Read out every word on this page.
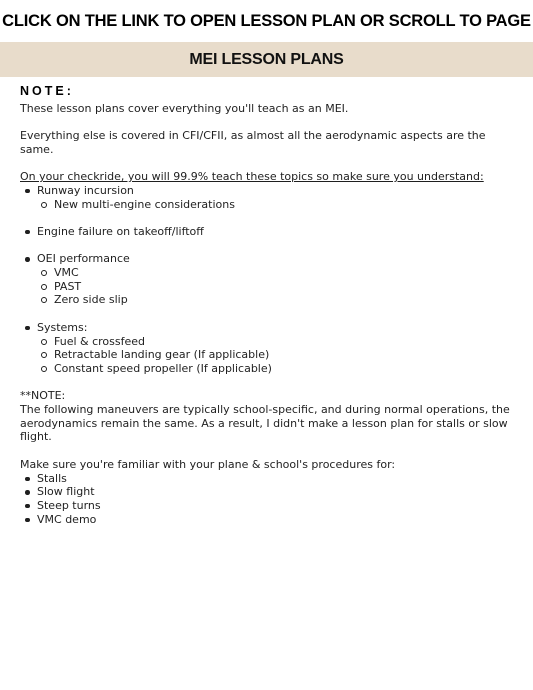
CLICK ON THE LINK TO OPEN LESSON PLAN OR SCROLL TO PAGE
MEI LESSON PLANS
NOTE:

These lesson plans cover everything you'll teach as an MEI.

Everything else is covered in CFI/CFII, as almost all the aerodynamic aspects are the same.

On your checkride, you will 99.9% teach these topics so make sure you understand:

Runway incursion
New multi-engine considerations
Engine failure on takeoff/liftoff
OEI performance
VMC
PAST
Zero side slip
Systems:
Fuel & crossfeed
Retractable landing gear (If applicable)
Constant speed propeller (If applicable)

**NOTE:

The following maneuvers are typically school-specific, and during normal operations, the aerodynamics remain the same. As a result, I didn't make a lesson plan for stalls or slow flight.

Make sure you're familiar with your plane & school's procedures for:

Stalls
Slow flight
Steep turns
VMC demo
